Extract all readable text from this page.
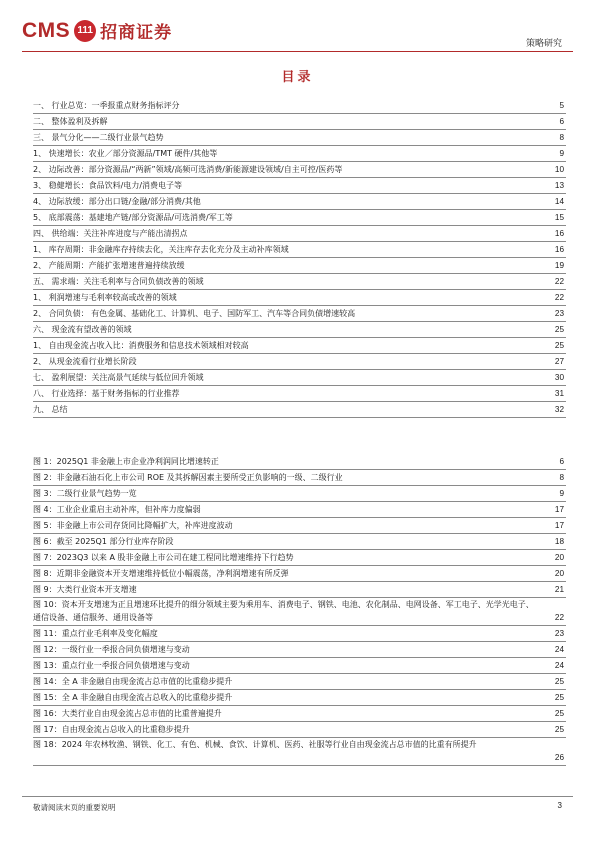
CMS 111 招商证券
策略研究
目录
一、 行业总览：一季报重点财务指标评分	5
二、 整体盈利及拆解	6
三、 景气分化——二级行业景气趋势	8
1、 快速增长：农业／部分资源品/TMT 硬件/其他等	9
2、 边际改善：部分资源品/“两新”领域/高频可选消费/新能源建设领域/自主可控/医药等	10
3、 稳健增长：食品饮料/电力/消费电子等	13
4、 边际放缓：部分出口链/金融/部分消费/其他	14
5、 底部震荡：基建地产链/部分资源品/可选消费/军工等	15
四、 供给端：关注补库进度与产能出清拐点	16
1、 库存周期：非金融库存持续去化，关注库存去化充分及主动补库领域	16
2、 产能周期：产能扩张增速普遍持续放缓	19
五、 需求端：关注毛利率与合同负债改善的领域	22
1、 利润增速与毛利率较高或改善的领域	22
2、 合同负债： 有色金属、基础化工、计算机、电子、国防军工、汽车等合同负债增速较高	23
六、 现金流有望改善的领域	25
1、 自由现金流占收入比：消费服务和信息技术领域相对较高	25
2、 从现金流看行业增长阶段	27
七、 盈利展望：关注高景气延续与低位回升领域	30
八、 行业选择：基于财务指标的行业推荐	31
九、 总结	32
图 1：2025Q1 非金融上市企业净利润同比增速转正	6
图 2：非金融石油石化上市公司 ROE 及其拆解因素主要所受正负影响的一级、二级行业	8
图 3：二级行业景气趋势一览	9
图 4：工业企业重启主动补库，但补库力度偏弱	17
图 5：非金融上市公司存货同比降幅扩大，补库进度波动	17
图 6：截至 2025Q1 部分行业库存阶段	18
图 7：2023Q3 以来 A 股非金融上市公司在建工程同比增速维持下行趋势	20
图 8：近期非金融资本开支增速维持低位小幅震荡，净利润增速有所反弹	20
图 9：大类行业资本开支增速	21
图 10：资本开支增速为正且增速环比提升的细分领域主要为乘用车、消费电子、钢铁、电池、农化制品、电网设备、军工电子、光学光电子、通信设备、通信服务、通用设备等	22
图 11：重点行业毛利率及变化幅度	23
图 12：一级行业一季报合同负债增速与变动	24
图 13：重点行业一季报合同负债增速与变动	24
图 14：全 A 非金融自由现金流占总市值的比重稳步提升	25
图 15：全 A 非金融自由现金流占总收入的比重稳步提升	25
图 16：大类行业自由现金流占总市值的比重普遍提升	25
图 17：自由现金流占总收入的比重稳步提升	25
图 18：2024 年农林牧渔、钢铁、化工、有色、机械、食饮、计算机、医药、社服等行业自由现金流占总市值的比重有所提升
26
敬请阅读末页的重要说明	3
